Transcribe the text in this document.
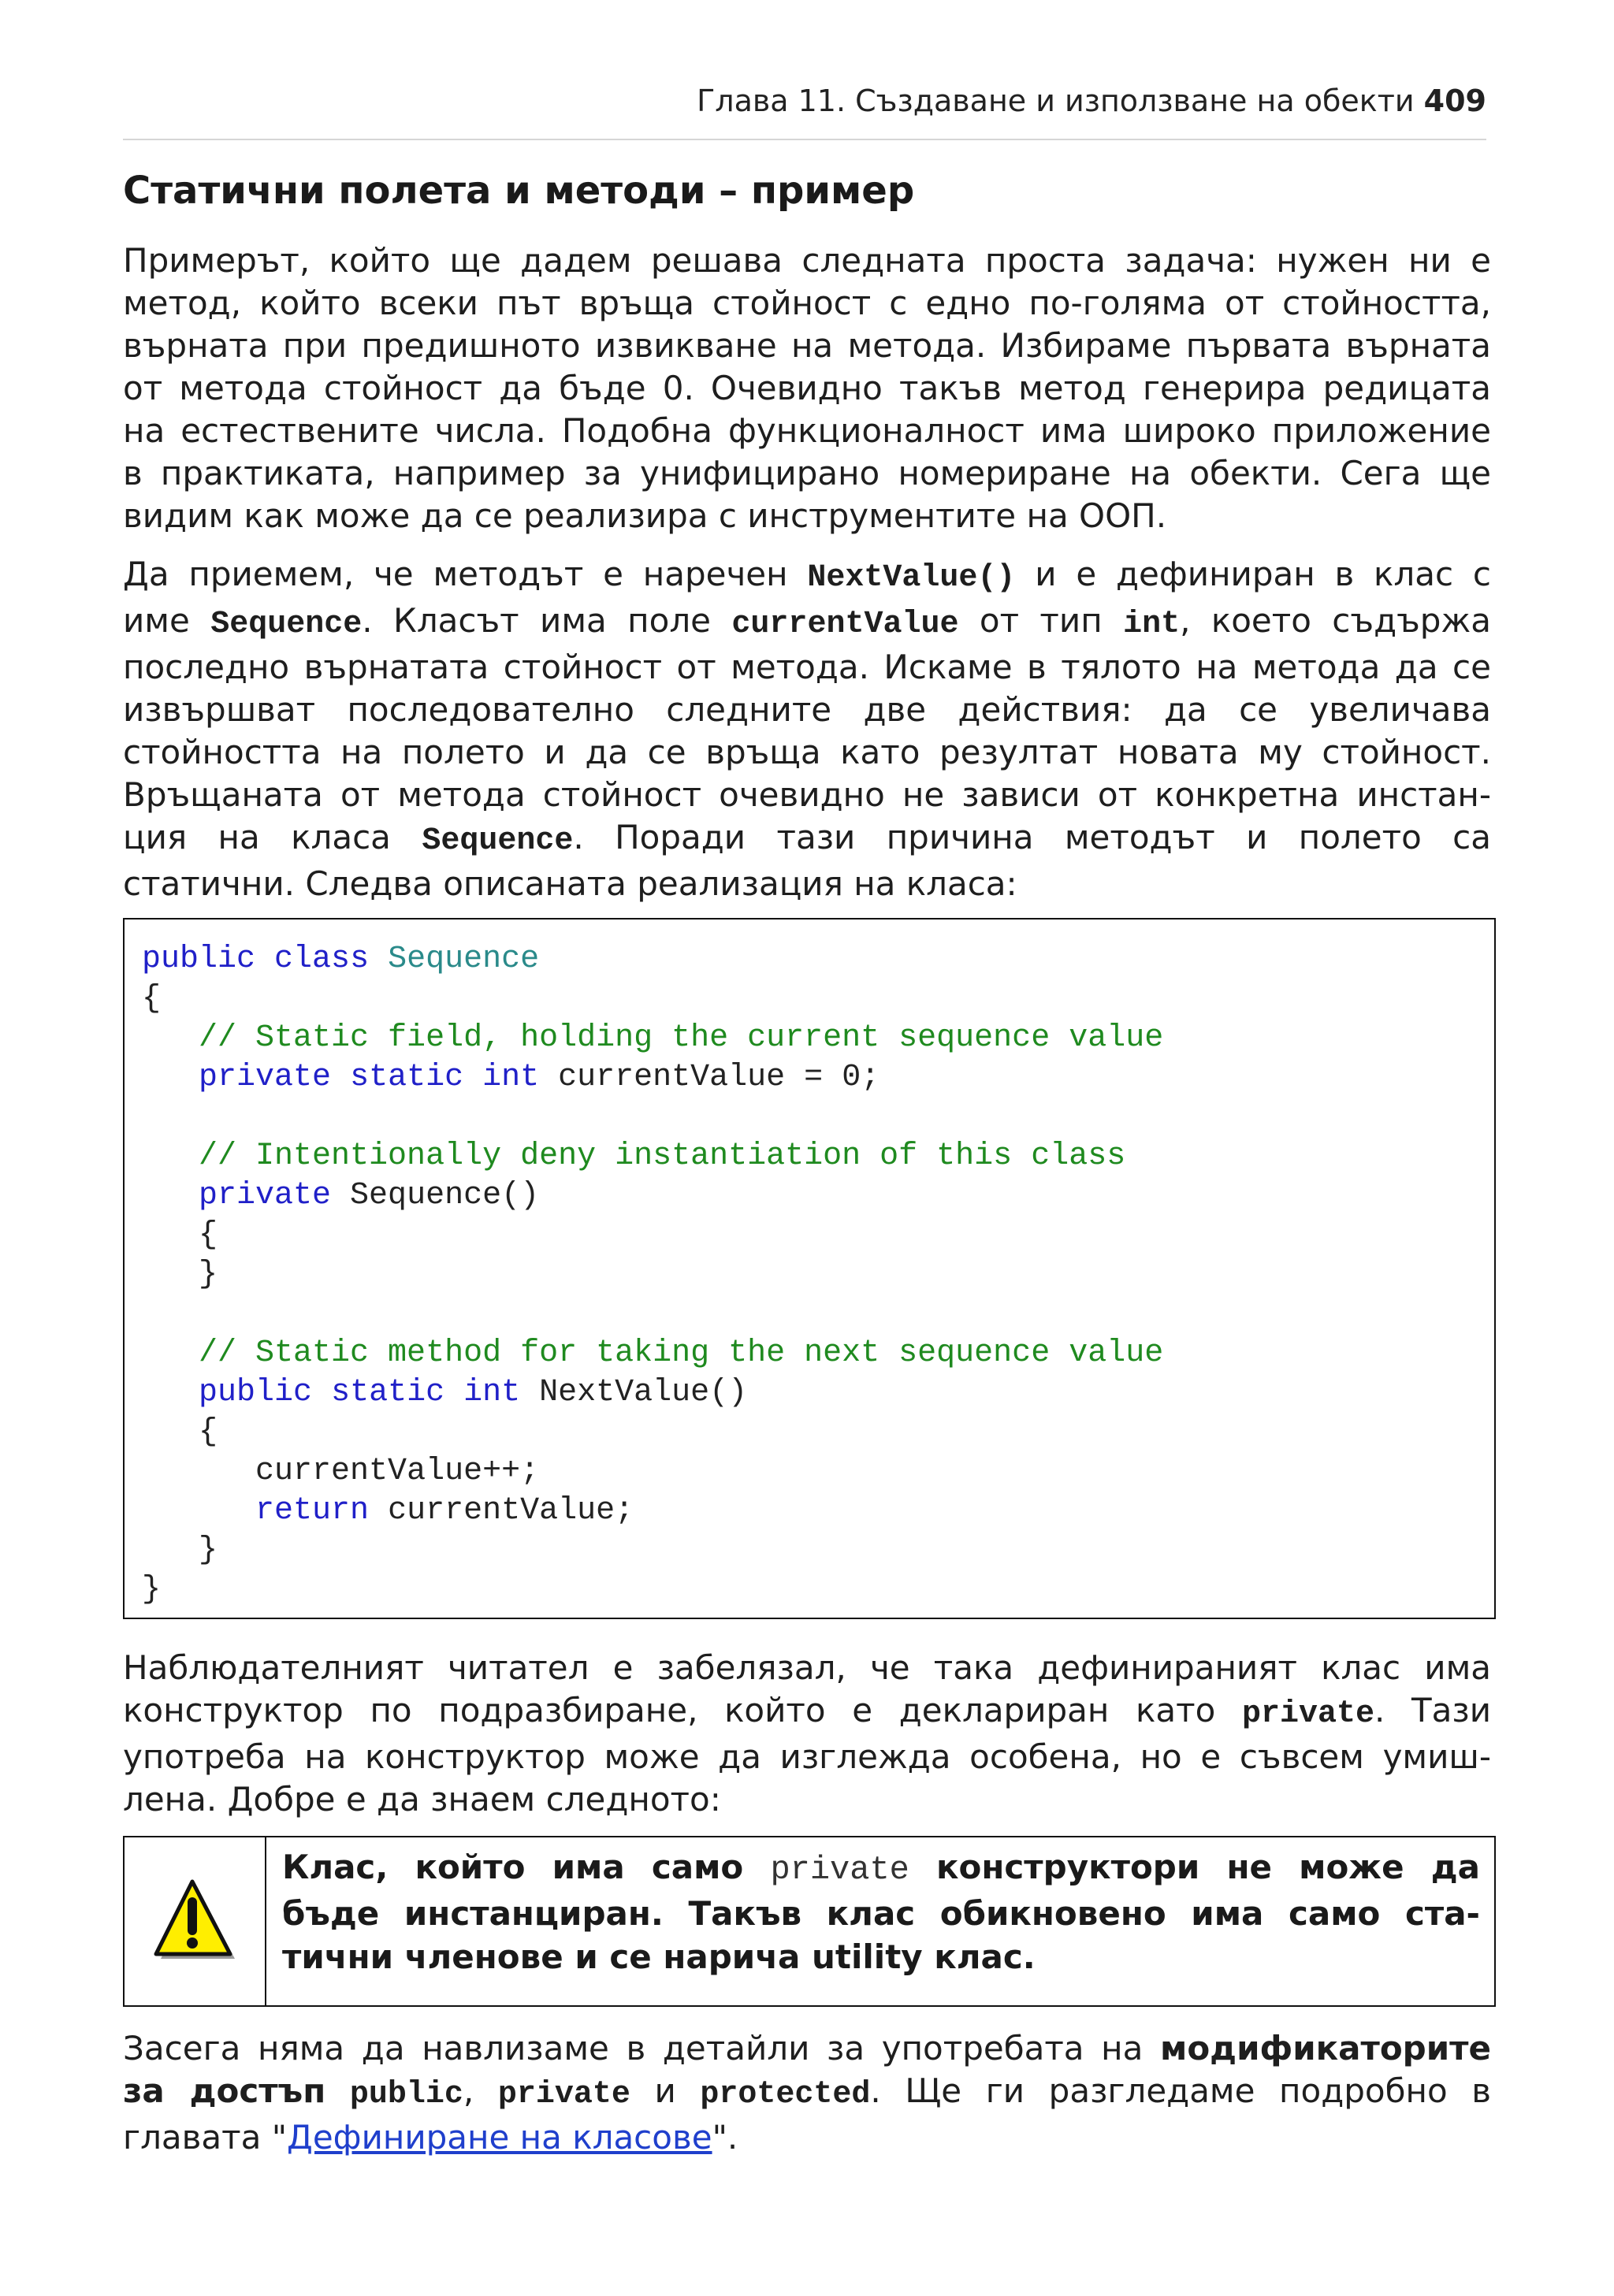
Глава 11. Създаване и използване на обекти 409
Статични полета и методи – пример
Примерът, който ще дадем решава следната проста задача: нужен ни е
метод, който всеки път връща стойност с едно по-голяма от стойността,
върната при предишното извикване на метода. Избираме първата върната
от метода стойност да бъде 0. Очевидно такъв метод генерира редицата
на естествените числа. Подобна функционалност има широко приложение
в практиката, например за унифицирано номериране на обекти. Сега ще
видим как може да се реализира с инструментите на ООП.
Да приемем, че методът е наречен NextValue() и е дефиниран в клас с
име Sequence. Класът има поле currentValue от тип int, което съдържа
последно върнатата стойност от метода. Искаме в тялото на метода да се
извършват последователно следните две действия: да се увеличава
стойността на полето и да се връща като резултат новата му стойност.
Връщаната от метода стойност очевидно не зависи от конкретна инстан-
ция на класа Sequence. Поради тази причина методът и полето са
статични. Следва описаната реализация на класа:
public class Sequence
{
// Static field, holding the current sequence value
private static int currentValue = 0;
// Intentionally deny instantiation of this class
private Sequence()
{
}
// Static method for taking the next sequence value
public static int NextValue()
{
currentValue++;
return currentValue;
}
}
Наблюдателният читател е забелязал, че така дефинираният клас има
конструктор по подразбиране, който е деклариран като private. Тази
употреба на конструктор може да изглежда особена, но е съвсем умиш-
лена. Добре е да знаем следното:
Клас, който има само private конструктори не може да
бъде инстанциран. Такъв клас обикновено има само ста-
тични членове и се нарича utility клас.
Засега няма да навлизаме в детайли за употребата на модификаторите
за достъп public, private и protected. Ще ги разгледаме подробно в
главата "Дефиниране на класове".
